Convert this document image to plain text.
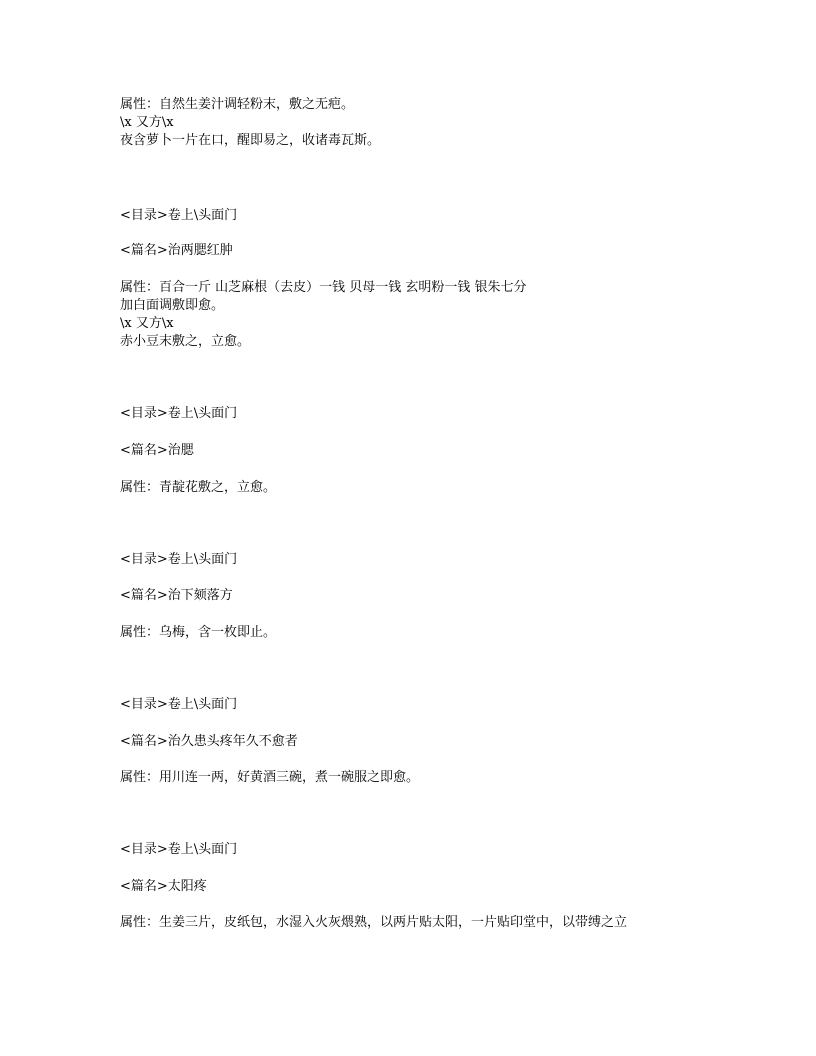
属性：自然生姜汁调轻粉末，敷之无疤。
\x 又方\x
夜含萝卜一片在口，醒即易之，收诸毒瓦斯。
<目录>卷上\头面门
<篇名>治两腮红肿
属性：百合一斤 山芝麻根（去皮）一钱 贝母一钱 玄明粉一钱 银朱七分
加白面调敷即愈。
\x 又方\x
赤小豆末敷之，立愈。
<目录>卷上\头面门
<篇名>治腮
属性：青靛花敷之，立愈。
<目录>卷上\头面门
<篇名>治下颏落方
属性：乌梅，含一枚即止。
<目录>卷上\头面门
<篇名>治久患头疼年久不愈者
属性：用川连一两，好黄酒三碗，煮一碗服之即愈。
<目录>卷上\头面门
<篇名>太阳疼
属性：生姜三片，皮纸包，水湿入火灰煨熟，以两片贴太阳，一片贴印堂中，以带缚之立
